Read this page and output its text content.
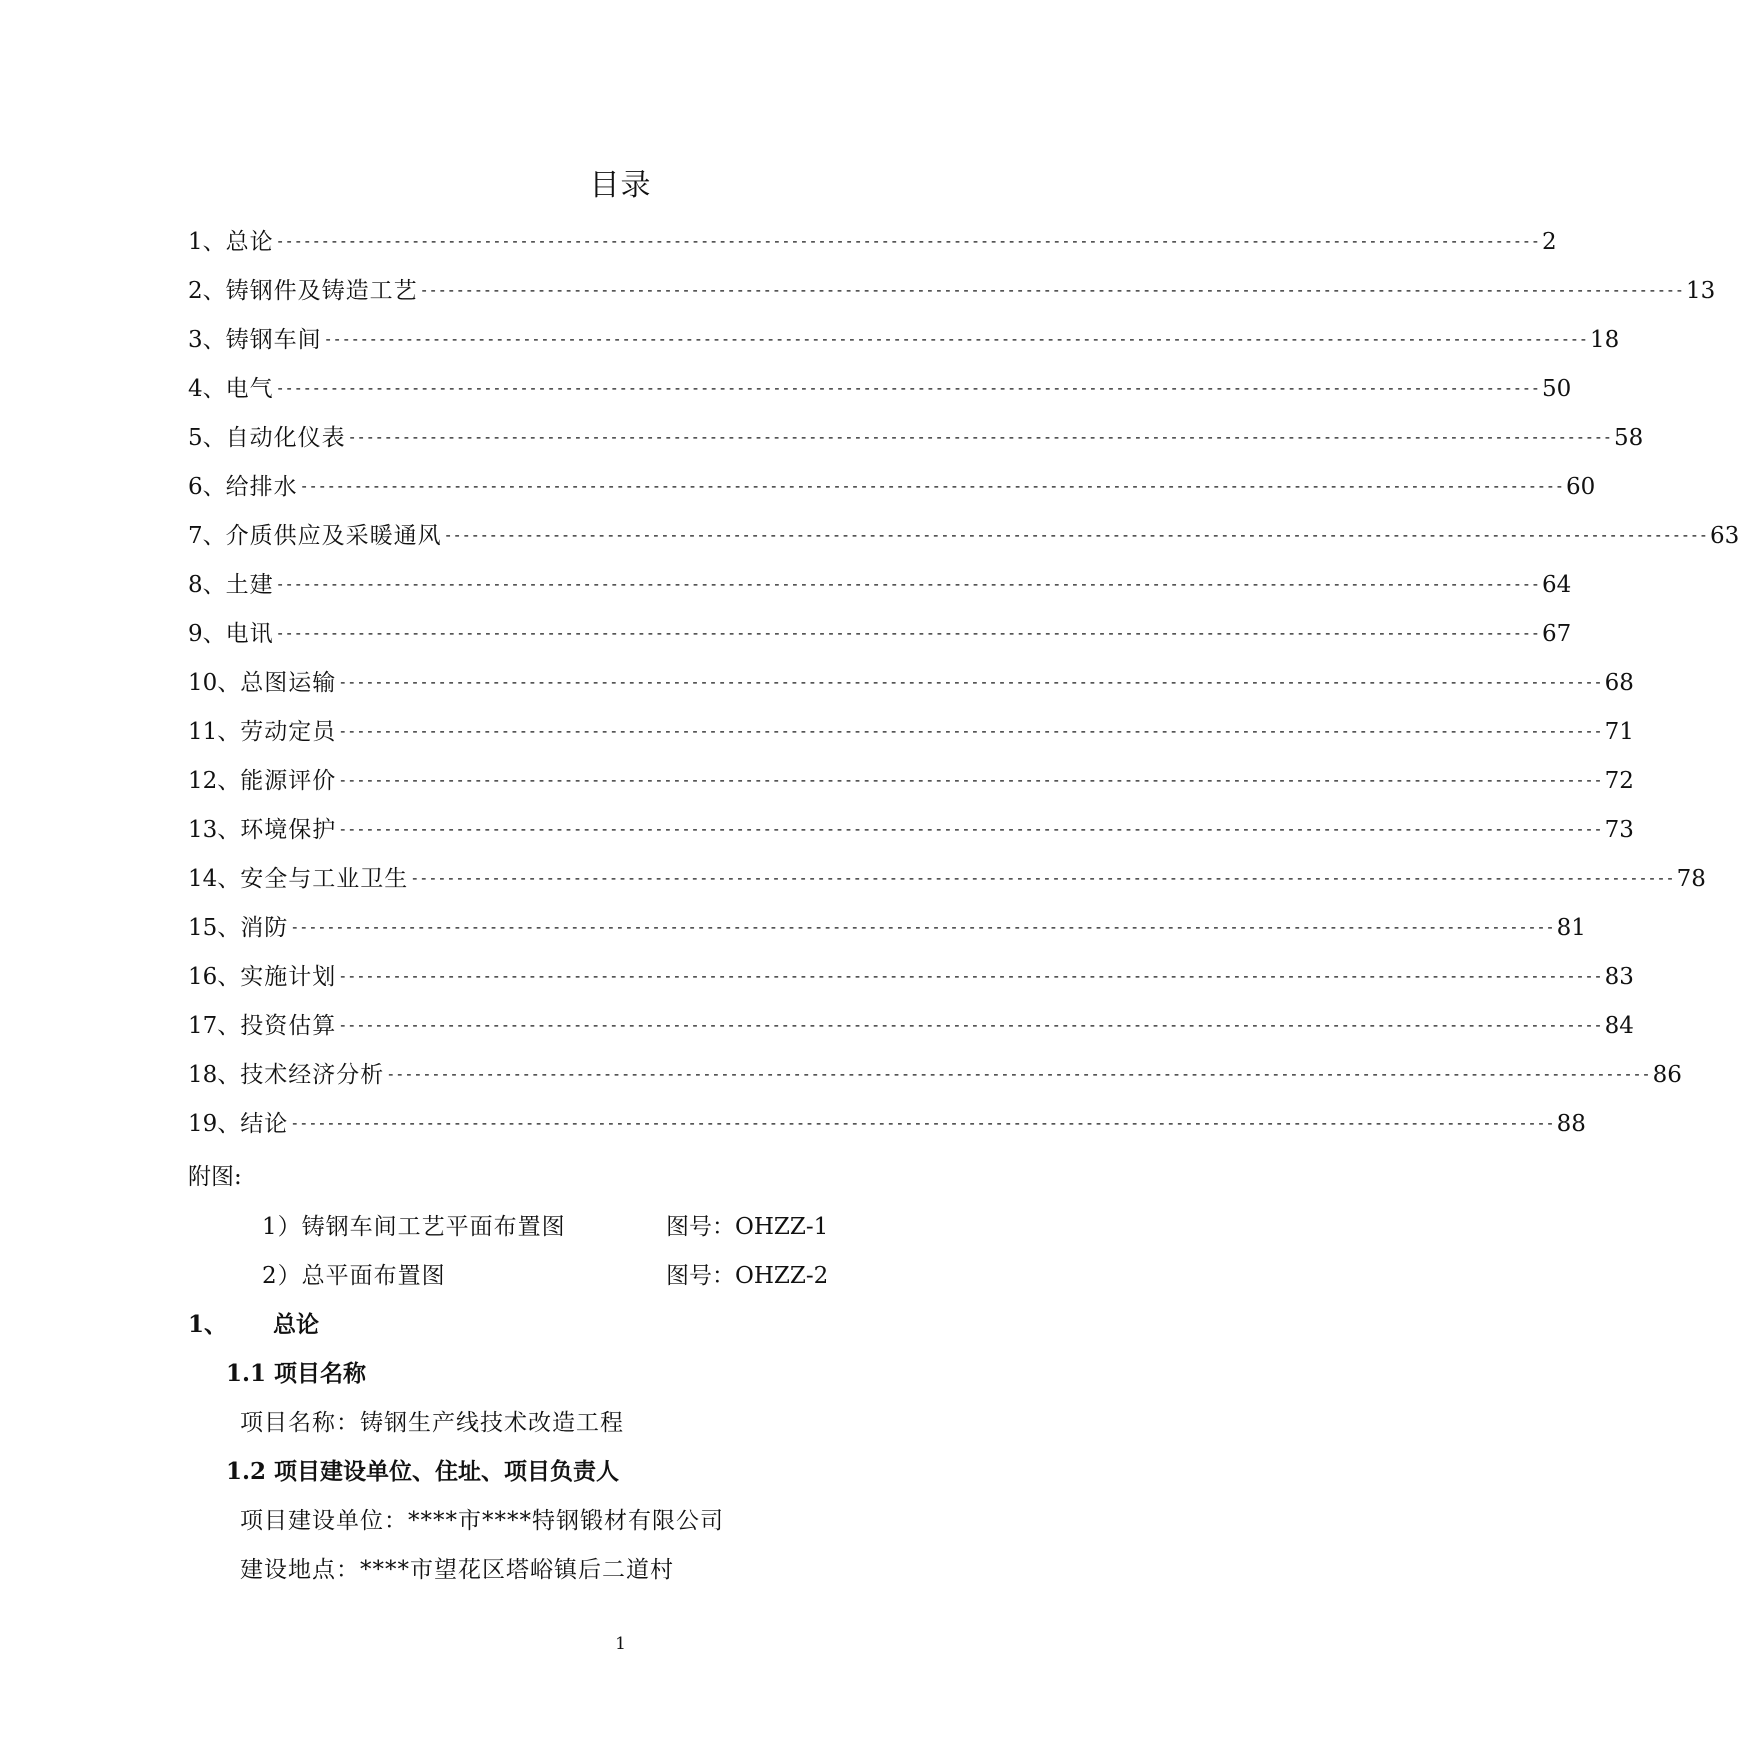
目录
1、 总论 -------------------------------------------------------------------------------------------------------------------------------------------- 2
2、 铸钢件及铸造工艺 -------------------------------------------------------------------------------------------------------------------------------------------- 13
3、 铸钢车间 -------------------------------------------------------------------------------------------------------------------------------------------- 18
4、 电气 -------------------------------------------------------------------------------------------------------------------------------------------- 50
5、 自动化仪表 -------------------------------------------------------------------------------------------------------------------------------------------- 58
6、 给排水 -------------------------------------------------------------------------------------------------------------------------------------------- 60
7、 介质供应及采暖通风 -------------------------------------------------------------------------------------------------------------------------------------------- 63
8、 土建 -------------------------------------------------------------------------------------------------------------------------------------------- 64
9、 电讯 -------------------------------------------------------------------------------------------------------------------------------------------- 67
10、 总图运输 -------------------------------------------------------------------------------------------------------------------------------------------- 68
11、 劳动定员 -------------------------------------------------------------------------------------------------------------------------------------------- 71
12、 能源评价 -------------------------------------------------------------------------------------------------------------------------------------------- 72
13、 环境保护 -------------------------------------------------------------------------------------------------------------------------------------------- 73
14、 安全与工业卫生 -------------------------------------------------------------------------------------------------------------------------------------------- 78
15、 消防 -------------------------------------------------------------------------------------------------------------------------------------------- 81
16、 实施计划 -------------------------------------------------------------------------------------------------------------------------------------------- 83
17、 投资估算 -------------------------------------------------------------------------------------------------------------------------------------------- 84
18、 技术经济分析 -------------------------------------------------------------------------------------------------------------------------------------------- 86
19、 结论 -------------------------------------------------------------------------------------------------------------------------------------------- 88
附图:
1）铸钢车间工艺平面布置图	图号：OHZZ-1
2）总平面布置图	图号：OHZZ-2
1、 总论
1.1 项目名称
项目名称：铸钢生产线技术改造工程
1.2 项目建设单位、住址、项目负责人
项目建设单位：****市****特钢锻材有限公司
建设地点：****市望花区塔峪镇后二道村
1
